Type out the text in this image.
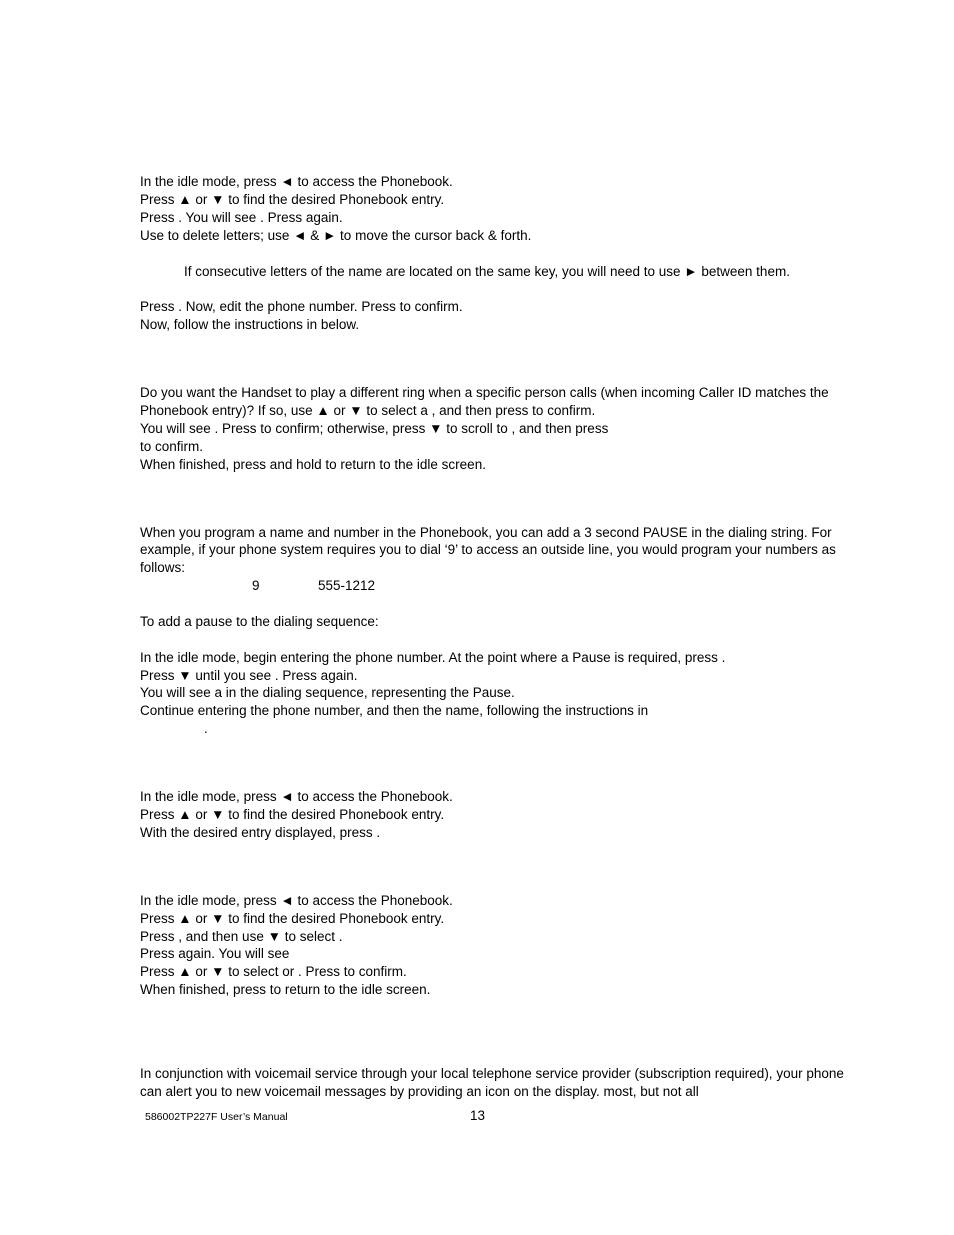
In the idle mode, press ◄ to access the Phonebook.
Press ▲ or ▼ to find the desired Phonebook entry.
Press . You will see . Press again.
Use to delete letters; use ◄ & ► to move the cursor back & forth.
If consecutive letters of the name are located on the same key, you will need to use ► between them.
Press . Now, edit the phone number. Press to confirm.
Now, follow the instructions in below.
Do you want the Handset to play a different ring when a specific person calls (when incoming Caller ID matches the
Phonebook entry)? If so, use ▲ or ▼ to select a , and then press to confirm.
You will see . Press to confirm; otherwise, press ▼ to scroll to , and then press
to confirm.
When finished, press and hold to return to the idle screen.
When you program a name and number in the Phonebook, you can add a 3 second PAUSE in the dialing string. For
example, if your phone system requires you to dial ‘9’ to access an outside line, you would program your numbers as
follows:
9	555-1212
To add a pause to the dialing sequence:
In the idle mode, begin entering the phone number. At the point where a Pause is required, press .
Press ▼ until you see . Press again.
You will see a in the dialing sequence, representing the Pause.
Continue entering the phone number, and then the name, following the instructions in
.
In the idle mode, press ◄ to access the Phonebook.
Press ▲ or ▼ to find the desired Phonebook entry.
With the desired entry displayed, press .
In the idle mode, press ◄ to access the Phonebook.
Press ▲ or ▼ to find the desired Phonebook entry.
Press , and then use ▼ to select .
Press again. You will see
Press ▲ or ▼ to select or . Press to confirm.
When finished, press to return to the idle screen.
In conjunction with voicemail service through your local telephone service provider (subscription required), your phone
can alert you to new voicemail messages by providing an icon on the display. most, but not all
586002TP227F User’s Manual	13
